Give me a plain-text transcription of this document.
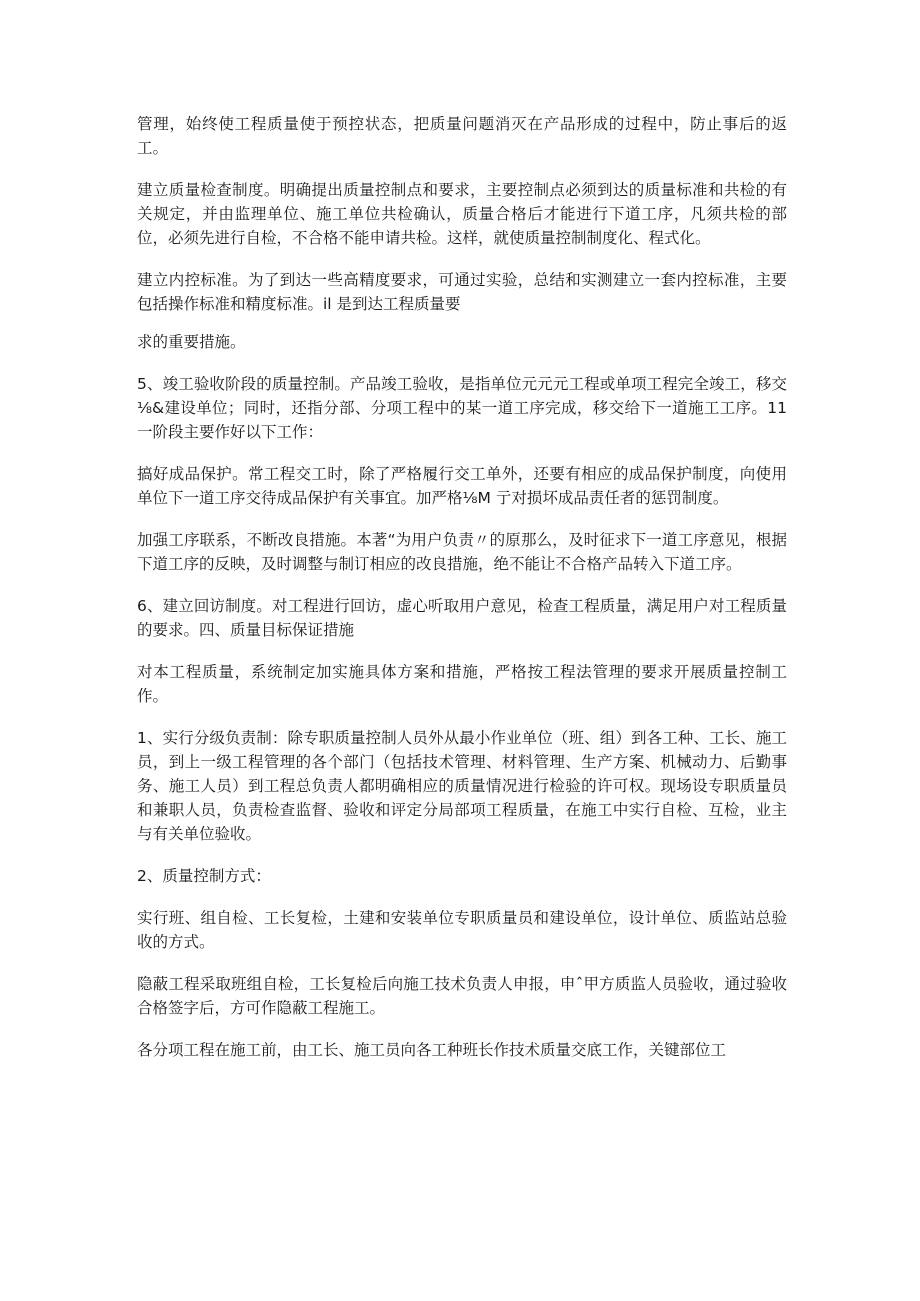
管理，始终使工程质量使于预控状态，把质量问题消灭在产品形成的过程中，防止事后的返工。

建立质量检查制度。明确提出质量控制点和要求，主要控制点必须到达的质量标准和共检的有关规定，并由监理单位、施工单位共检确认，质量合格后才能进行下道工序，凡须共检的部位，必须先进行自检，不合格不能申请共检。这样，就使质量控制制度化、程式化。

建立内控标准。为了到达一些高精度要求，可通过实验，总结和实测建立一套内控标准，主要包括操作标准和精度标准。il 是到达工程质量要

求的重要措施。

5、竣工验收阶段的质量控制。产品竣工验收，是指单位元元元工程或单项工程完全竣工，移交⅛&建设单位；同时，还指分部、分项工程中的某一道工序完成，移交给下一道施工工序。11 一阶段主要作好以下工作：

搞好成品保护。常工程交工时，除了严格履行交工单外，还要有相应的成品保护制度，向使用单位下一道工序交待成品保护有关事宜。加严格⅛M 亍对损坏成品责任者的惩罚制度。

加强工序联系，不断改良措施。本著“为用户负责〃的原那么，及时征求下一道工序意见，根据下道工序的反映，及时调整与制订相应的改良措施，绝不能让不合格产品转入下道工序。

6、建立回访制度。对工程进行回访，虚心听取用户意见，检查工程质量，满足用户对工程质量的要求。四、质量目标保证措施

对本工程质量，系统制定加实施具体方案和措施，严格按工程法管理的要求开展质量控制工作。

1、实行分级负责制：除专职质量控制人员外从最小作业单位（班、组）到各工种、工长、施工员，到上一级工程管理的各个部门（包括技术管理、材料管理、生产方案、机械动力、后勤事务、施工人员）到工程总负责人都明确相应的质量情况进行检验的许可权。现场设专职质量员和兼职人员，负责检查监督、验收和评定分局部项工程质量，在施工中实行自检、互检，业主与有关单位验收。

2、质量控制方式：

实行班、组自检、工长复检，土建和安装单位专职质量员和建设单位，设计单位、质监站总验收的方式。

隐蔽工程采取班组自检，工长复检后向施工技术负责人申报，申ˆ甲方质监人员验收，通过验收合格签字后，方可作隐蔽工程施工。

各分项工程在施工前，由工长、施工员向各工种班长作技术质量交底工作，关键部位工
